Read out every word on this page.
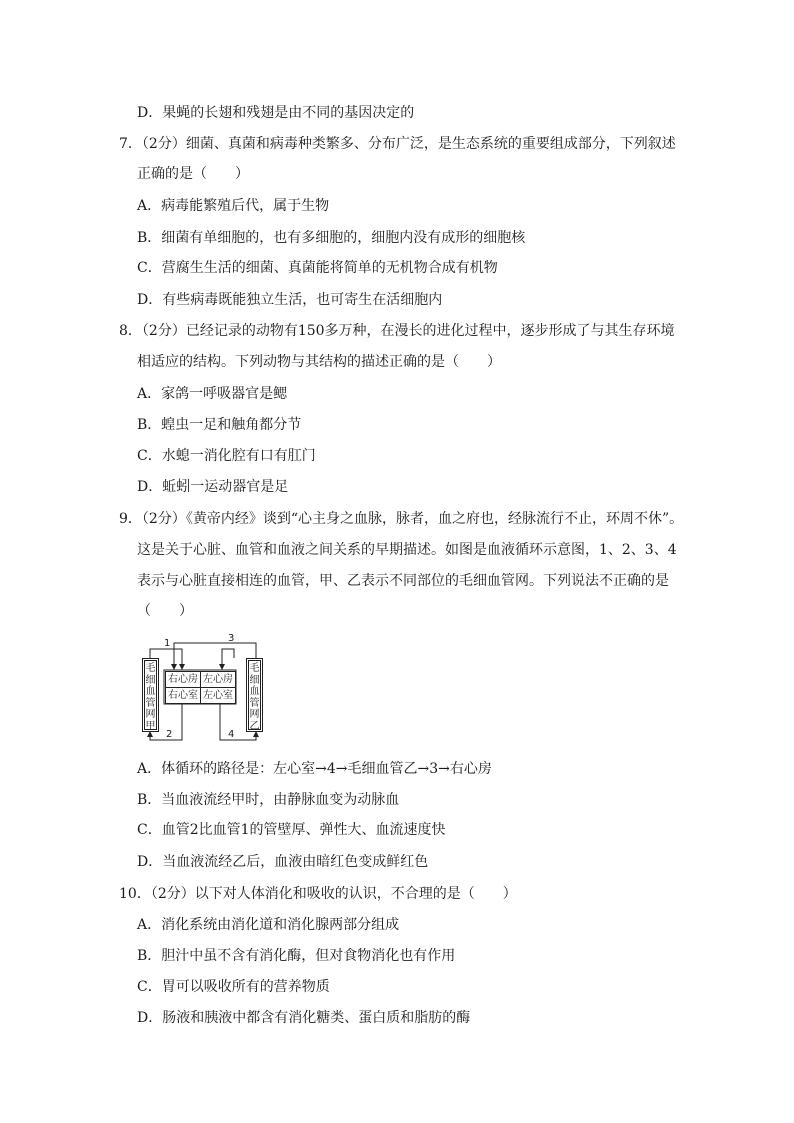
D．果蝇的长翅和残翅是由不同的基因决定的
7．（2分）细菌、真菌和病毒种类繁多、分布广泛，是生态系统的重要组成部分，下列叙述
正确的是（　　）
A．病毒能繁殖后代，属于生物
B．细菌有单细胞的，也有多细胞的，细胞内没有成形的细胞核
C．营腐生生活的细菌、真菌能将简单的无机物合成有机物
D．有些病毒既能独立生活，也可寄生在活细胞内
8．（2分）已经记录的动物有150多万种，在漫长的进化过程中，逐步形成了与其生存环境
相适应的结构。下列动物与其结构的描述正确的是（　　）
A．家鸽一呼吸器官是鳃
B．蝗虫一足和触角都分节
C．水螅一消化腔有口有肛门
D．蚯蚓一运动器官是足
9．（2分）《黄帝内经》谈到“心主身之血脉，脉者，血之府也，经脉流行不止，环周不休”。
这是关于心脏、血管和血液之间关系的早期描述。如图是血液循环示意图，1、2、3、4
表示与心脏直接相连的血管，甲、乙表示不同部位的毛细血管网。下列说法不正确的是
（　　）
毛
细
血
管
网
甲
毛
细
血
管
网
乙
右心房 左心房
右心室 左心室
1	3
2	4
A．体循环的路径是：左心室→4→毛细血管乙→3→右心房
B．当血液流经甲时，由静脉血变为动脉血
C．血管2比血管1的管壁厚、弹性大、血流速度快
D．当血液流经乙后，血液由暗红色变成鲜红色
10．（2分）以下对人体消化和吸收的认识，不合理的是（　　）
A．消化系统由消化道和消化腺两部分组成
B．胆汁中虽不含有消化酶，但对食物消化也有作用
C．胃可以吸收所有的营养物质
D．肠液和胰液中都含有消化糖类、蛋白质和脂肪的酶
